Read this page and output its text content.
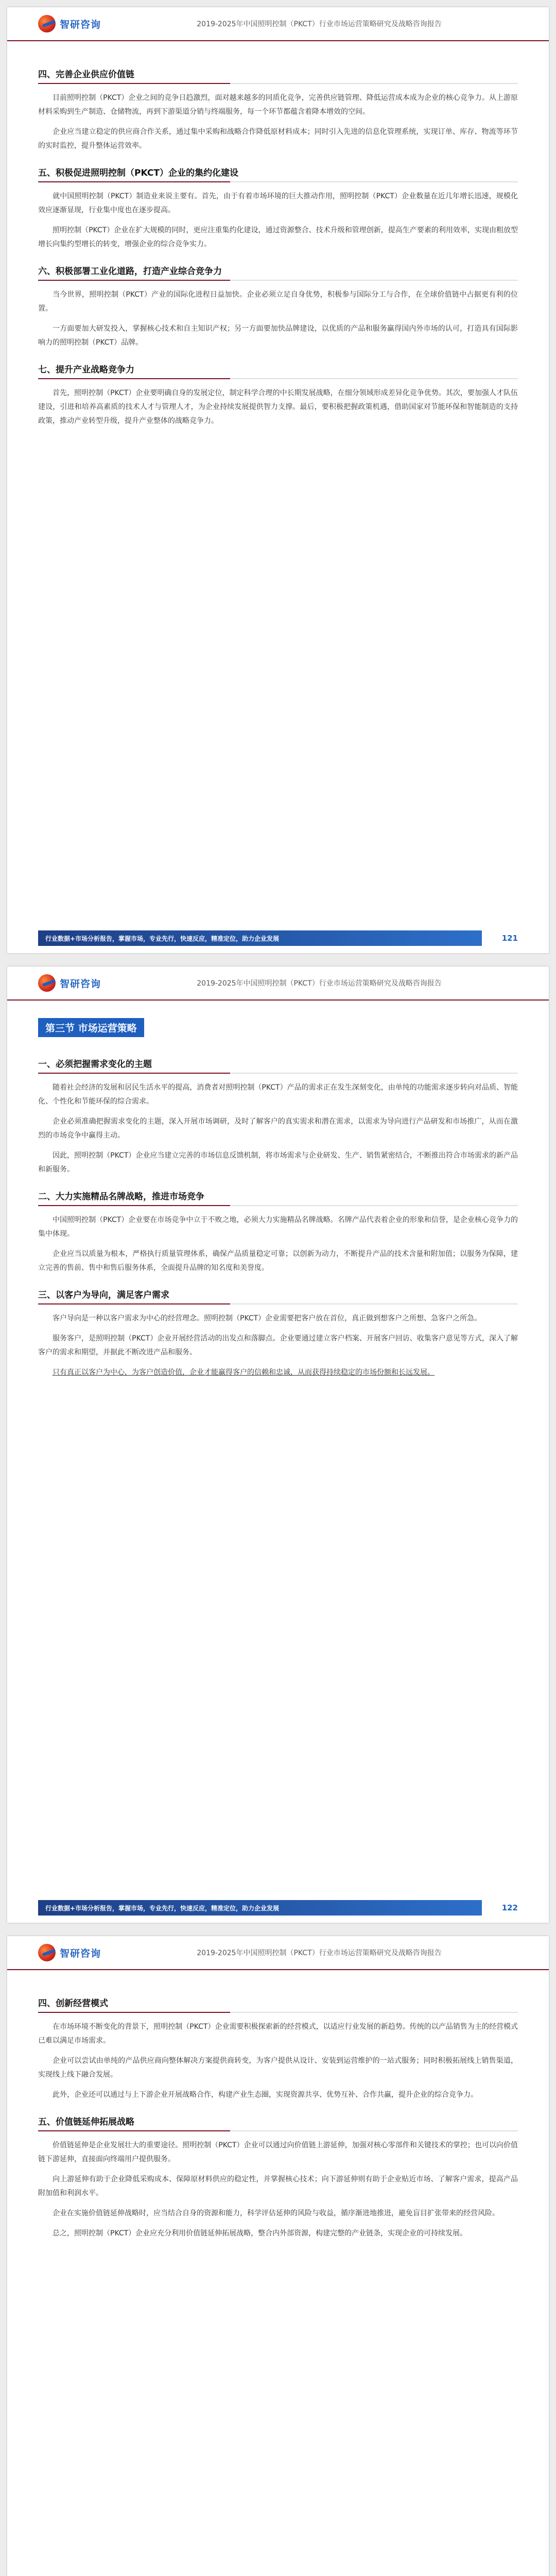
智研咨询	2019-2025年中国照明控制（PKCT）行业市场运营策略研究及战略咨询报告
四、完善企业供应价值链

目前照明控制（PKCT）企业之间的竞争日趋激烈，面对越来越多的同质化竞争，完善供应链管理、降低运营成本成为企业的核心竞争力。从上游原材料采购到生产制造、仓储物流，再到下游渠道分销与终端服务，每一个环节都蕴含着降本增效的空间。

企业应当建立稳定的供应商合作关系，通过集中采购和战略合作降低原材料成本；同时引入先进的信息化管理系统，实现订单、库存、物流等环节的实时监控，提升整体运营效率。

五、积极促进照明控制（PKCT）企业的集约化建设

就中国照明控制（PKCT）制造业来说主要有。首先，由于有着市场环境的巨大推动作用，照明控制（PKCT）企业数量在近几年增长迅速，规模化效应逐渐显现，行业集中度也在逐步提高。

照明控制（PKCT）企业在扩大规模的同时，更应注重集约化建设，通过资源整合、技术升级和管理创新，提高生产要素的利用效率，实现由粗放型增长向集约型增长的转变，增强企业的综合竞争实力。

六、积极部署工业化道路，打造产业综合竞争力

当今世界，照明控制（PKCT）产业的国际化进程日益加快。企业必须立足自身优势，积极参与国际分工与合作，在全球价值链中占据更有利的位置。

一方面要加大研发投入，掌握核心技术和自主知识产权；另一方面要加快品牌建设，以优质的产品和服务赢得国内外市场的认可，打造具有国际影响力的照明控制（PKCT）品牌。

七、提升产业战略竞争力

首先，照明控制（PKCT）企业要明确自身的发展定位，制定科学合理的中长期发展战略，在细分领域形成差异化竞争优势。其次，要加强人才队伍建设，引进和培养高素质的技术人才与管理人才，为企业持续发展提供智力支撑。最后，要积极把握政策机遇，借助国家对节能环保和智能制造的支持政策，推动产业转型升级，提升产业整体的战略竞争力。

行业数据+市场分析报告，掌握市场，专业先行，快速反应，精准定位，助力企业发展	121
智研咨询	2019-2025年中国照明控制（PKCT）行业市场运营策略研究及战略咨询报告
第三节 市场运营策略
一、必须把握需求变化的主题

随着社会经济的发展和居民生活水平的提高，消费者对照明控制（PKCT）产品的需求正在发生深刻变化，由单纯的功能需求逐步转向对品质、智能化、个性化和节能环保的综合需求。

企业必须准确把握需求变化的主题，深入开展市场调研，及时了解客户的真实需求和潜在需求，以需求为导向进行产品研发和市场推广，从而在激烈的市场竞争中赢得主动。

因此，照明控制（PKCT）企业应当建立完善的市场信息反馈机制，将市场需求与企业研发、生产、销售紧密结合，不断推出符合市场需求的新产品和新服务。

二、大力实施精品名牌战略，推进市场竞争

中国照明控制（PKCT）企业要在市场竞争中立于不败之地，必须大力实施精品名牌战略。名牌产品代表着企业的形象和信誉，是企业核心竞争力的集中体现。

企业应当以质量为根本，严格执行质量管理体系，确保产品质量稳定可靠；以创新为动力，不断提升产品的技术含量和附加值；以服务为保障，建立完善的售前、售中和售后服务体系，全面提升品牌的知名度和美誉度。

三、以客户为导向，满足客户需求

客户导向是一种以客户需求为中心的经营理念。照明控制（PKCT）企业需要把客户放在首位，真正做到想客户之所想、急客户之所急。

服务客户，是照明控制（PKCT）企业开展经营活动的出发点和落脚点。企业要通过建立客户档案、开展客户回访、收集客户意见等方式，深入了解客户的需求和期望，并据此不断改进产品和服务。

只有真正以客户为中心，为客户创造价值，企业才能赢得客户的信赖和忠诚，从而获得持续稳定的市场份额和长远发展。

行业数据+市场分析报告，掌握市场，专业先行，快速反应，精准定位，助力企业发展	122
智研咨询	2019-2025年中国照明控制（PKCT）行业市场运营策略研究及战略咨询报告
四、创新经营模式

在市场环境不断变化的背景下，照明控制（PKCT）企业需要积极探索新的经营模式，以适应行业发展的新趋势。传统的以产品销售为主的经营模式已难以满足市场需求。

企业可以尝试由单纯的产品供应商向整体解决方案提供商转变，为客户提供从设计、安装到运营维护的一站式服务；同时积极拓展线上销售渠道，实现线上线下融合发展。

此外，企业还可以通过与上下游企业开展战略合作，构建产业生态圈，实现资源共享、优势互补、合作共赢，提升企业的综合竞争力。

五、价值链延伸拓展战略

价值链延伸是企业发展壮大的重要途径。照明控制（PKCT）企业可以通过向价值链上游延伸，加强对核心零部件和关键技术的掌控；也可以向价值链下游延伸，直接面向终端用户提供服务。

向上游延伸有助于企业降低采购成本、保障原材料供应的稳定性，并掌握核心技术；向下游延伸则有助于企业贴近市场、了解客户需求，提高产品附加值和利润水平。

企业在实施价值链延伸战略时，应当结合自身的资源和能力，科学评估延伸的风险与收益，循序渐进地推进，避免盲目扩张带来的经营风险。

总之，照明控制（PKCT）企业应充分利用价值链延伸拓展战略，整合内外部资源，构建完整的产业链条，实现企业的可持续发展。
